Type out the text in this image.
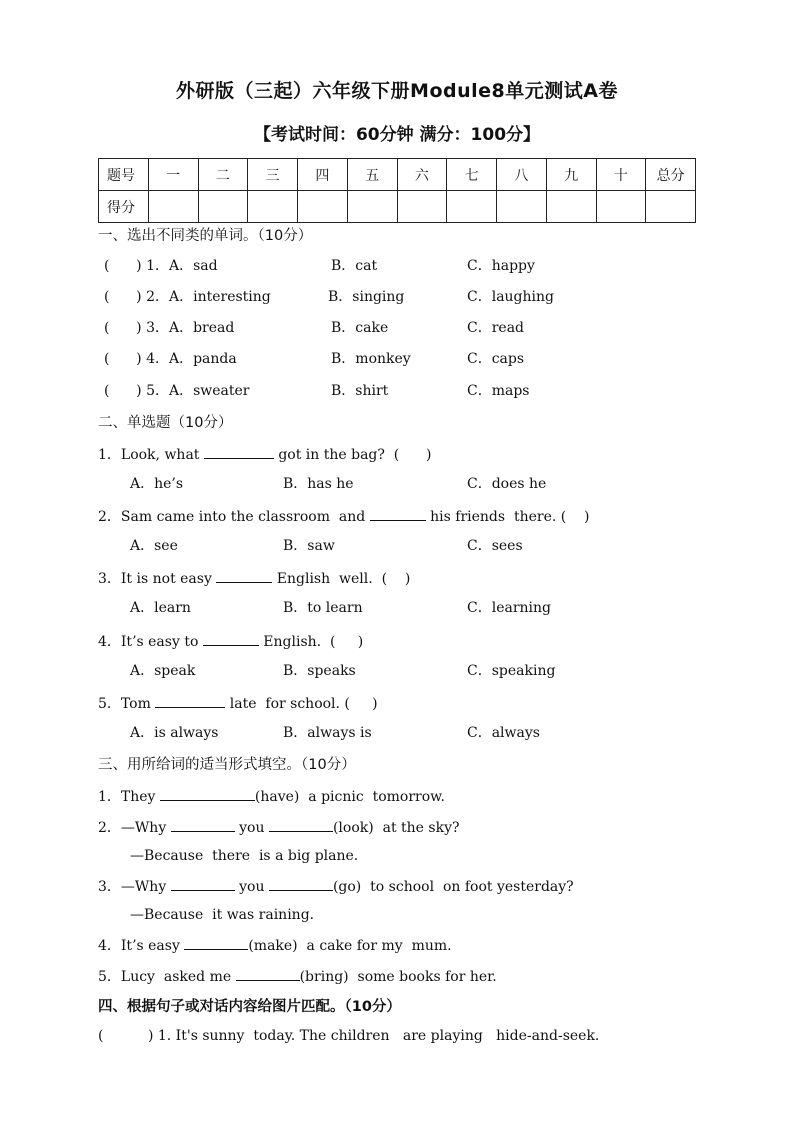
外研版（三起）六年级下册Module8单元测试A卷
【考试时间：60分钟 满分：100分】
题号	一	二	三	四	五	六	七	八	九	十	总分
得分											
一、选出不同类的单词。（10分）
(      ) 1．A．sad	B．cat	C．happy
(      ) 2．A．interesting	B．singing	C．laughing
(      ) 3．A．bread	B．cake	C．read
(      ) 4．A．panda	B．monkey	C．caps
(      ) 5．A．sweater	B．shirt	C．maps
二、单选题（10分）
1．Look, what	got in the bag?  (      )
A．he’s	B．has he	C．does he
2．Sam came into the classroom  and	his friends  there. (    )
A．see	B．saw	C．sees
3．It is not easy	English  well.  (    )
A．learn	B．to learn	C．learning
4．It’s easy to	English.  (     )
A．speak	B．speaks	C．speaking
5．Tom	late  for school. (     )
A．is always	B．always is	C．always
三、用所给词的适当形式填空。（10分）
1．They	(have)  a picnic  tomorrow.
2．—Why	you	(look)  at the sky?
—Because  there  is a big plane.
3．—Why	you	(go)  to school  on foot yesterday?
—Because  it was raining.
4．It’s easy	(make)  a cake for my  mum.
5．Lucy  asked me	(bring)  some books for her.
四、根据句子或对话内容给图片匹配。（10分）
(          ) 1. It's sunny  today. The children   are playing   hide-and-seek.
